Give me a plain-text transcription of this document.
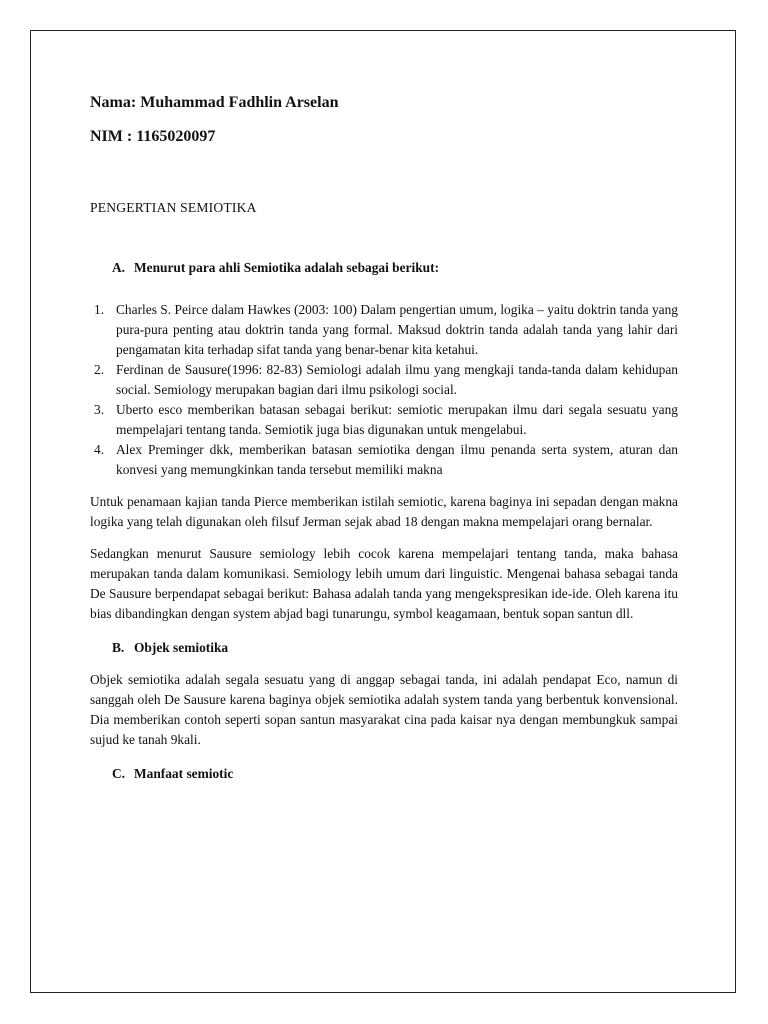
Nama: Muhammad Fadhlin Arselan

NIM : 1165020097

PENGERTIAN SEMIOTIKA

A. Menurut para ahli Semiotika adalah sebagai berikut:

1. Charles S. Peirce dalam Hawkes (2003: 100) Dalam pengertian umum, logika – yaitu doktrin tanda yang pura-pura penting atau doktrin tanda yang formal. Maksud doktrin tanda adalah tanda yang lahir dari pengamatan kita terhadap sifat tanda yang benar-benar kita ketahui.
2. Ferdinan de Sausure(1996: 82-83) Semiologi adalah ilmu yang mengkaji tanda-tanda dalam kehidupan social. Semiology merupakan bagian dari ilmu psikologi social.
3. Uberto esco memberikan batasan sebagai berikut: semiotic merupakan ilmu dari segala sesuatu yang mempelajari tentang tanda. Semiotik juga bias digunakan untuk mengelabui.
4. Alex Preminger dkk, memberikan batasan semiotika dengan ilmu penanda serta system, aturan dan konvesi yang memungkinkan tanda tersebut memiliki makna

Untuk penamaan kajian tanda Pierce memberikan istilah semiotic, karena baginya ini sepadan dengan makna logika yang telah digunakan oleh filsuf Jerman sejak abad 18 dengan makna mempelajari orang bernalar.

Sedangkan menurut Sausure semiology lebih cocok karena mempelajari tentang tanda, maka bahasa merupakan tanda dalam komunikasi. Semiology lebih umum dari linguistic. Mengenai bahasa sebagai tanda De Sausure berpendapat sebagai berikut: Bahasa adalah tanda yang mengekspresikan ide-ide. Oleh karena itu bias dibandingkan dengan system abjad bagi tunarungu, symbol keagamaan, bentuk sopan santun dll.

B. Objek semiotika

Objek semiotika adalah segala sesuatu yang di anggap sebagai tanda, ini adalah pendapat Eco, namun di sanggah oleh De Sausure karena baginya objek semiotika adalah system tanda yang berbentuk konvensional. Dia memberikan contoh seperti sopan santun masyarakat cina pada kaisar nya dengan membungkuk sampai sujud ke tanah 9kali.

C. Manfaat semiotic
